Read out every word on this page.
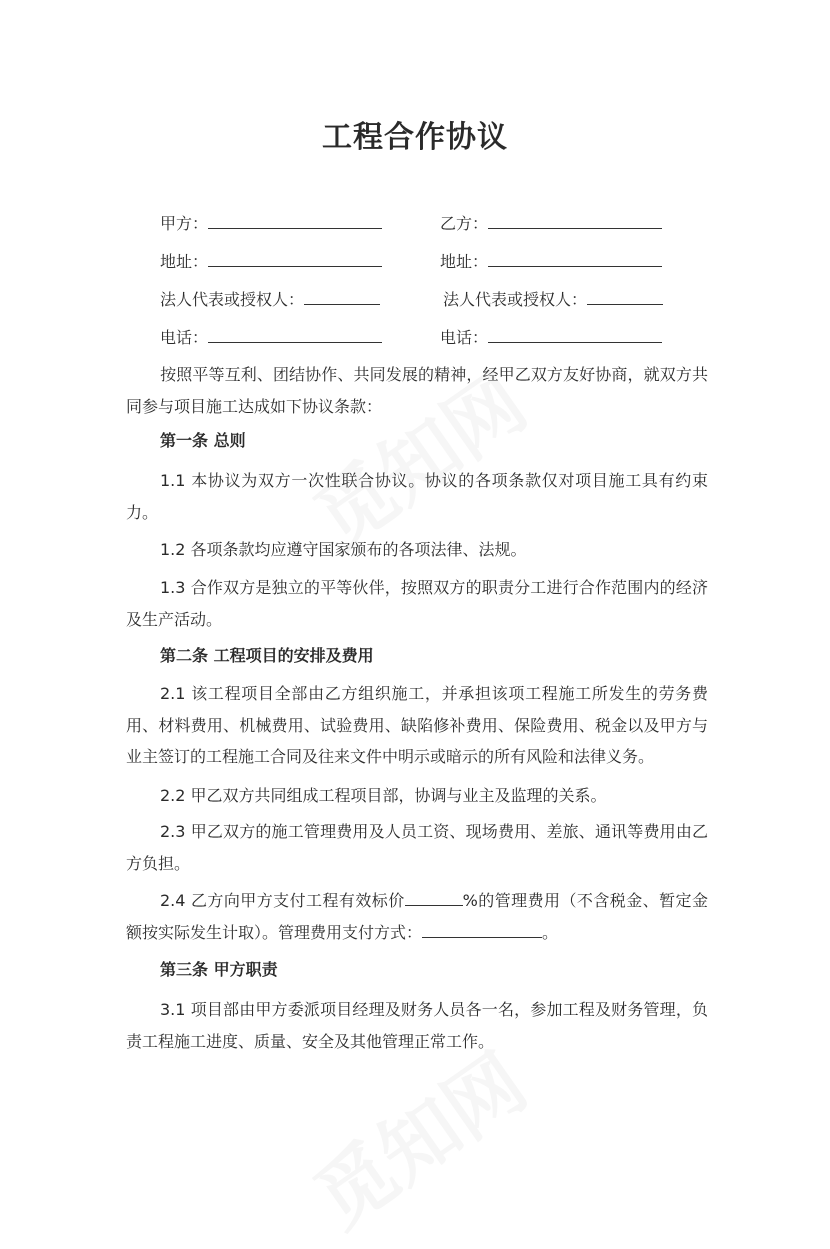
工程合作协议
甲方：	乙方：
地址：	地址：
法人代表或授权人：	法人代表或授权人：
电话：	电话：
按照平等互利、团结协作、共同发展的精神，经甲乙双方友好协商，就双方共同参与项目施工达成如下协议条款：
第一条 总则
1.1 本协议为双方一次性联合协议。协议的各项条款仅对项目施工具有约束力。
1.2 各项条款均应遵守国家颁布的各项法律、法规。
1.3 合作双方是独立的平等伙伴，按照双方的职责分工进行合作范围内的经济及生产活动。
第二条 工程项目的安排及费用
2.1 该工程项目全部由乙方组织施工，并承担该项工程施工所发生的劳务费用、材料费用、机械费用、试验费用、缺陷修补费用、保险费用、税金以及甲方与业主签订的工程施工合同及往来文件中明示或暗示的所有风险和法律义务。
2.2 甲乙双方共同组成工程项目部，协调与业主及监理的关系。
2.3 甲乙双方的施工管理费用及人员工资、现场费用、差旅、通讯等费用由乙方负担。
2.4 乙方向甲方支付工程有效标价	%的管理费用（不含税金、暂定金额按实际发生计取）。管理费用支付方式：	。
第三条 甲方职责
3.1 项目部由甲方委派项目经理及财务人员各一名，参加工程及财务管理，负责工程施工进度、质量、安全及其他管理正常工作。
